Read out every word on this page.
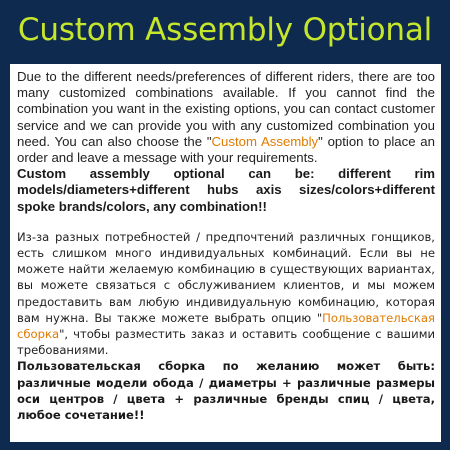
Custom Assembly Optional

Due to the different needs/preferences of different riders, there are too many customized combinations available. If you cannot find the combination you want in the existing options, you can contact customer service and we can provide you with any customized combination you need. You can also choose the "Custom Assembly" option to place an order and leave a message with your requirements.

Custom assembly optional can be: different rim models/diameters+different hubs axis sizes/colors+different spoke brands/colors, any combination!!

Из-за разных потребностей / предпочтений различных гонщиков, есть слишком много индивидуальных комбинаций. Если вы не можете найти желаемую комбинацию в существующих вариантах, вы можете связаться с обслуживанием клиентов, и мы можем предоставить вам любую индивидуальную комбинацию, которая вам нужна. Вы также можете выбрать опцию "Пользовательская сборка", чтобы разместить заказ и оставить сообщение с вашими требованиями.

Пользовательская сборка по желанию может быть: различные модели обода / диаметры + различные размеры оси центров / цвета + различные бренды спиц / цвета, любое сочетание!!
